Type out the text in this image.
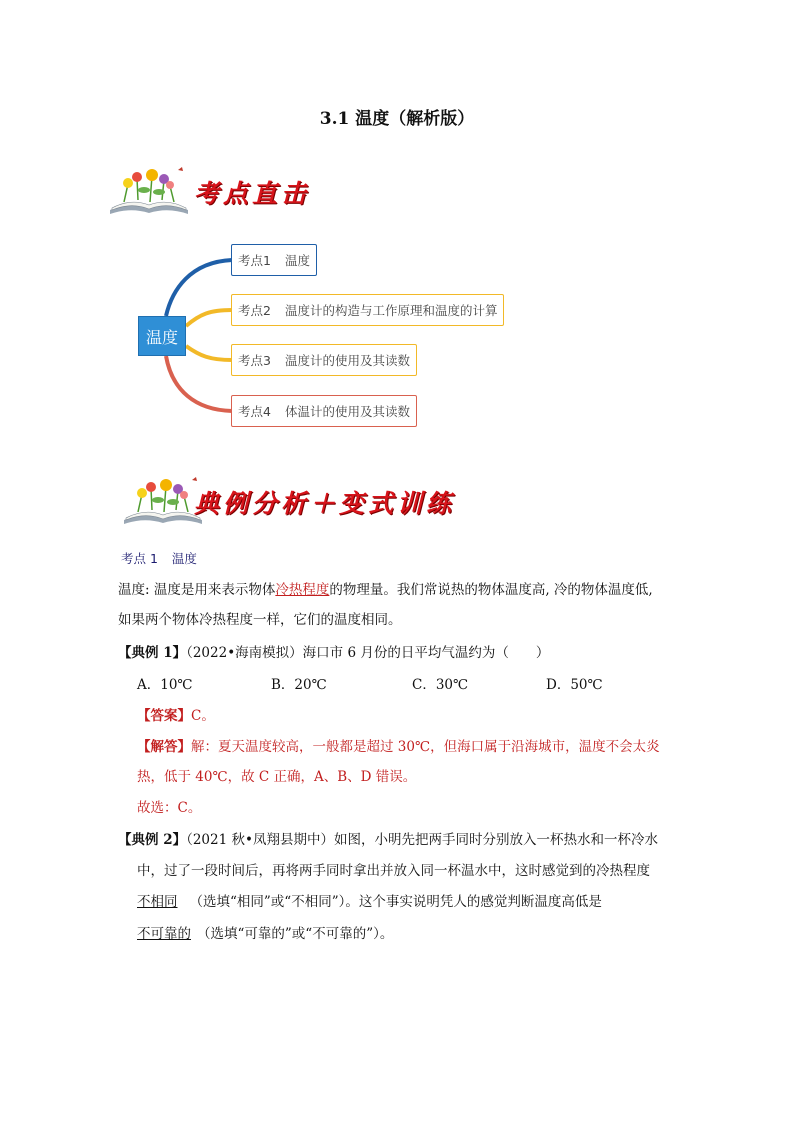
3.1 温度（解析版）
考点直击
温度
考点1 温度
考点2 温度计的构造与工作原理和温度的计算
考点3 温度计的使用及其读数
考点4 体温计的使用及其读数
典例分析＋变式训练
考点 1 温度
温度: 温度是用来表示物体冷热程度的物理量。我们常说热的物体温度高, 冷的物体温度低,
如果两个物体冷热程度一样，它们的温度相同。
【典例 1】（2022•海南模拟）海口市 6 月份的日平均气温约为（　　）
A．10℃	B．20℃	C．30℃	D．50℃
【答案】C。
【解答】解：夏天温度较高，一般都是超过 30℃，但海口属于沿海城市，温度不会太炎
热，低于 40℃，故 C 正确，A、B、D 错误。
故选：C。
【典例 2】（2021 秋•凤翔县期中）如图，小明先把两手同时分别放入一杯热水和一杯冷水
中，过了一段时间后，再将两手同时拿出并放入同一杯温水中，这时感觉到的冷热程度
不相同 （选填“相同”或“不相同”）。这个事实说明凭人的感觉判断温度高低是
不可靠的 （选填“可靠的”或“不可靠的”）。
